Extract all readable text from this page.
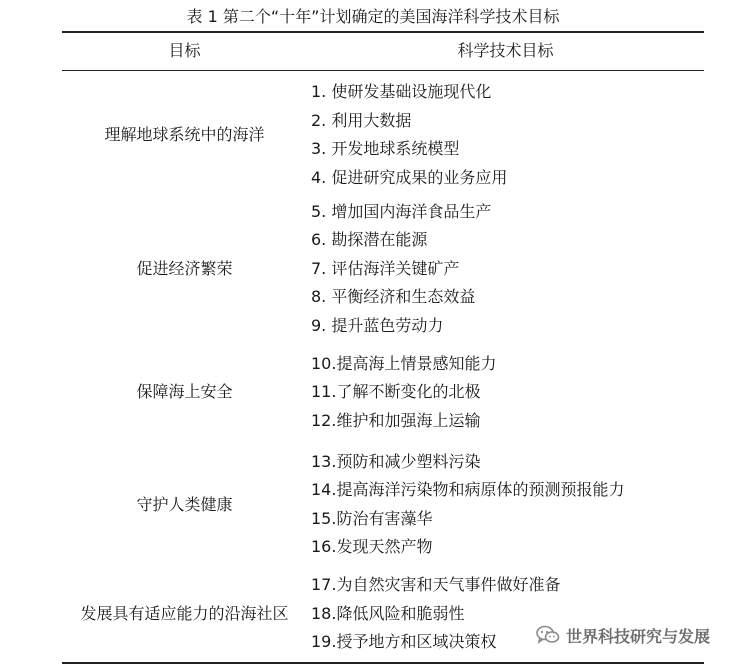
表 1 第二个“十年”计划确定的美国海洋科学技术目标
目标	科学技术目标
理解地球系统中的海洋
1. 使研发基础设施现代化
2. 利用大数据
3. 开发地球系统模型
4. 促进研究成果的业务应用
促进经济繁荣
5. 增加国内海洋食品生产
6. 勘探潜在能源
7. 评估海洋关键矿产
8. 平衡经济和生态效益
9. 提升蓝色劳动力
保障海上安全
10.提高海上情景感知能力
11.了解不断变化的北极
12.维护和加强海上运输
守护人类健康
13.预防和减少塑料污染
14.提高海洋污染物和病原体的预测预报能力
15.防治有害藻华
16.发现天然产物
发展具有适应能力的沿海社区
17.为自然灾害和天气事件做好准备
18.降低风险和脆弱性
19.授予地方和区域决策权	世界科技研究与发展
